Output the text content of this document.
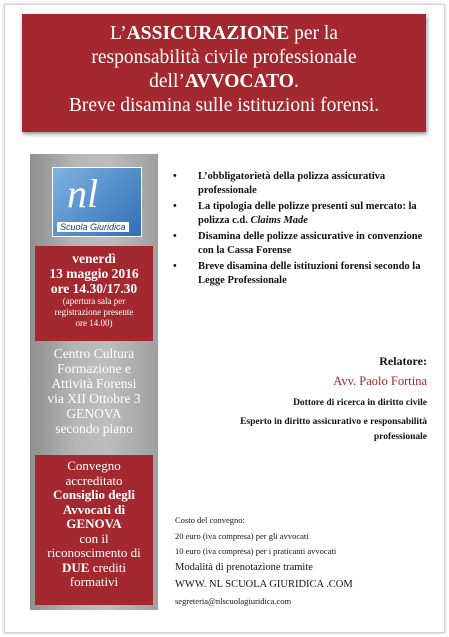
L’ASSICURAZIONE per la
responsabilità civile professionale
dell’AVVOCATO.
Breve disamina sulle istituzioni forensi.
nl
Scuola Giuridica
venerdì
13 maggio 2016
ore 14.30/17.30
(apertura sala per
registrazione presente
ore 14.00)
Centro Cultura
Formazione e
Attività Forensi
via XII Ottobre 3
GENOVA
secondo piano
Convegno
accreditato
Consiglio degli
Avvocati di
GENOVA
con il
riconoscimento di
DUE crediti
formativi
• L’obbligatorietà della polizza assicurativa professionale
• La tipologia delle polizze presenti sul mercato: la polizza c.d. Claims Made
• Disamina delle polizze assicurative in convenzione con la Cassa Forense
• Breve disamina delle istituzioni forensi secondo la Legge Professionale
Relatore:
Avv. Paolo Fortina
Dottore di ricerca in diritto civile
Esperto in diritto assicurativo e responsabilità
professionale
Costo del convegno:
20 euro (iva compresa) per gli avvocati
10 euro (iva compresa) per i praticanti avvocati
Modalità di prenotazione tramite
WWW. NL SCUOLA GIURIDICA .COM
segreteria@nlscuolagiuridica.com
